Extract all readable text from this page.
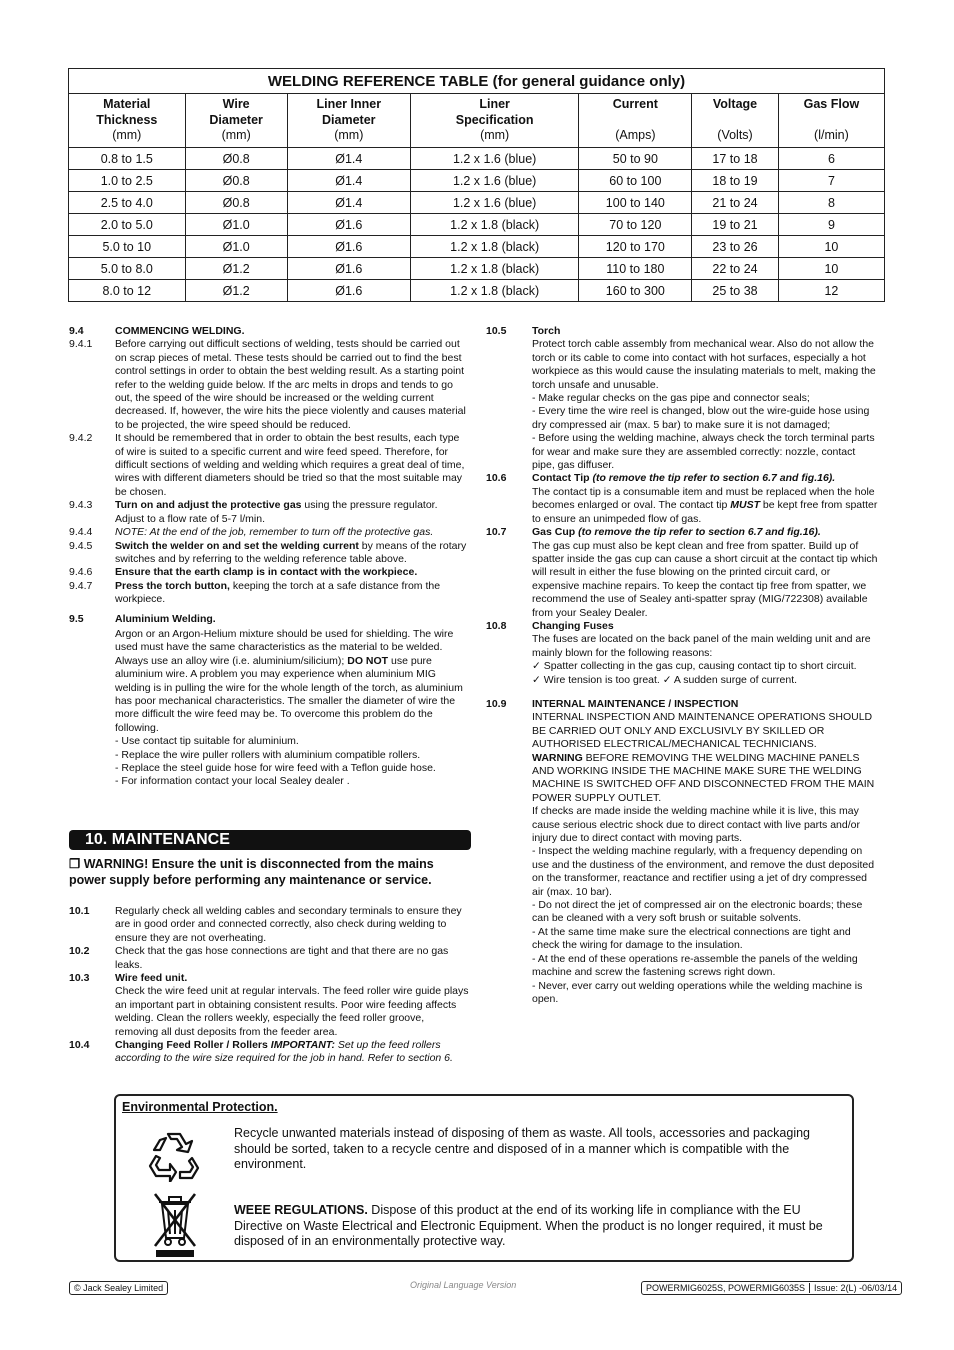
WELDING REFERENCE TABLE (for general guidance only)						

Material
Thickness
(mm)	Wire
Diameter
(mm)	Liner Inner
Diameter
(mm)	Liner
Specification
(mm)	Current
(Amps)	Voltage
(Volts)	Gas Flow
(l/min)

0.8 to 1.5	Ø0.8	Ø1.4	1.2 x 1.6 (blue)	50 to 90	17 to 18	6
1.0 to 2.5	Ø0.8	Ø1.4	1.2 x 1.6 (blue)	60 to 100	18 to 19	7
2.5 to 4.0	Ø0.8	Ø1.4	1.2 x 1.6 (blue)	100 to 140	21 to 24	8
2.0 to 5.0	Ø1.0	Ø1.6	1.2 x 1.8 (black)	70 to 120	19 to 21	9
5.0 to 10	Ø1.0	Ø1.6	1.2 x 1.8 (black)	120 to 170	23 to 26	10
5.0 to 8.0	Ø1.2	Ø1.6	1.2 x 1.8 (black)	110 to 180	22 to 24	10
8.0 to 12	Ø1.2	Ø1.6	1.2 x 1.8 (black)	160 to 300	25 to 38	12
9.4	COMMENCING WELDING.
9.4.1 Before carrying out difficult sections of welding, tests should be carried out on scrap pieces of metal. These tests should be carried out to find the best control settings in order to obtain the best welding result. As a starting point refer to the welding guide below. If the arc melts in drops and tends to go out, the speed of the wire should be increased or the welding current decreased. If, however, the wire hits the piece violently and causes material to be projected, the wire speed should be reduced.
9.4.2 It should be remembered that in order to obtain the best results, each type of wire is suited to a specific current and wire feed speed. Therefore, for difficult sections of welding and welding which requires a great deal of time, wires with different diameters should be tried so that the most suitable may be chosen.
9.4.3 Turn on and adjust the protective gas using the pressure regulator. Adjust to a flow rate of 5-7 l/min.
9.4.4 NOTE: At the end of the job, remember to turn off the protective gas.
9.4.5 Switch the welder on and set the welding current by means of the rotary switches and by referring to the welding reference table above.
9.4.6 Ensure that the earth clamp is in contact with the workpiece.
9.4.7 Press the torch button, keeping the torch at a safe distance from the workpiece.
9.5	Aluminium Welding.
Argon or an Argon-Helium mixture should be used for shielding. The wire used must have the same characteristics as the material to be welded. Always use an alloy wire (i.e. aluminium/silicium); DO NOT use pure aluminium wire. A problem you may experience when aluminium MIG welding is in pulling the wire for the whole length of the torch, as aluminium has poor mechanical characteristics. The smaller the diameter of wire the more difficult the wire feed may be. To overcome this problem do the following.
- Use contact tip suitable for aluminium.
- Replace the wire puller rollers with aluminium compatible rollers.
- Replace the steel guide hose for wire feed with a Teflon guide hose.
- For information contact your local Sealey dealer .
10. MAINTENANCE
❒ WARNING! Ensure the unit is disconnected from the mains power supply before performing any maintenance or service.
10.1 Regularly check all welding cables and secondary terminals to ensure they are in good order and connected correctly, also check during welding to ensure they are not overheating.
10.2 Check that the gas hose connections are tight and that there are no gas leaks.
10.3 Wire feed unit.
Check the wire feed unit at regular intervals. The feed roller wire guide plays an important part in obtaining consistent results. Poor wire feeding affects welding. Clean the rollers weekly, especially the feed roller groove, removing all dust deposits from the feeder area.
10.4 Changing Feed Roller / Rollers IMPORTANT: Set up the feed rollers according to the wire size required for the job in hand. Refer to section 6.
10.5 Torch
Protect torch cable assembly from mechanical wear. Also do not allow the torch or its cable to come into contact with hot surfaces, especially a hot workpiece as this would cause the insulating materials to melt, making the torch unsafe and unusable.
- Make regular checks on the gas pipe and connector seals;
- Every time the wire reel is changed, blow out the wire-guide hose using dry compressed air (max. 5 bar) to make sure it is not damaged;
- Before using the welding machine, always check the torch terminal parts for wear and make sure they are assembled correctly: nozzle, contact pipe, gas diffuser.
10.6 Contact Tip (to remove the tip refer to section 6.7 and fig.16).
The contact tip is a consumable item and must be replaced when the hole becomes enlarged or oval. The contact tip MUST be kept free from spatter to ensure an unimpeded flow of gas.
10.7 Gas Cup (to remove the tip refer to section 6.7 and fig.16).
The gas cup must also be kept clean and free from spatter. Build up of spatter inside the gas cup can cause a short circuit at the contact tip which will result in either the fuse blowing on the printed circuit card, or expensive machine repairs. To keep the contact tip free from spatter, we recommend the use of Sealey anti-spatter spray (MIG/722308) available from your Sealey Dealer.
10.8 Changing Fuses
The fuses are located on the back panel of the main welding unit and are mainly blown for the following reasons:
✓ Spatter collecting in the gas cup, causing contact tip to short circuit.
✓ Wire tension is too great. ✓ A sudden surge of current.
10.9 INTERNAL MAINTENANCE / INSPECTION
INTERNAL INSPECTION AND MAINTENANCE OPERATIONS SHOULD BE CARRIED OUT ONLY AND EXCLUSIVLY BY SKILLED OR AUTHORISED ELECTRICAL/MECHANICAL TECHNICIANS.
WARNING BEFORE REMOVING THE WELDING MACHINE PANELS AND WORKING INSIDE THE MACHINE MAKE SURE THE WELDING MACHINE IS SWITCHED OFF AND DISCONNECTED FROM THE MAIN POWER SUPPLY OUTLET.
If checks are made inside the welding machine while it is live, this may cause serious electric shock due to direct contact with live parts and/or injury due to direct contact with moving parts.
- Inspect the welding machine regularly, with a frequency depending on use and the dustiness of the environment, and remove the dust deposited on the transformer, reactance and rectifier using a jet of dry compressed air (max. 10 bar).
- Do not direct the jet of compressed air on the electronic boards; these can be cleaned with a very soft brush or suitable solvents.
- At the same time make sure the electrical connections are tight and check the wiring for damage to the insulation.
- At the end of these operations re-assemble the panels of the welding machine and screw the fastening screws right down.
- Never, ever carry out welding operations while the welding machine is open.
Environmental Protection.
Recycle unwanted materials instead of disposing of them as waste. All tools, accessories and packaging should be sorted, taken to a recycle centre and disposed of in a manner which is compatible with the environment.
WEEE REGULATIONS. Dispose of this product at the end of its working life in compliance with the EU Directive on Waste Electrical and Electronic Equipment. When the product is no longer required, it must be disposed of in an environmentally protective way.
© Jack Sealey Limited	Original Language Version	POWERMIG6025S, POWERMIG6035S	Issue: 2(L) -06/03/14
